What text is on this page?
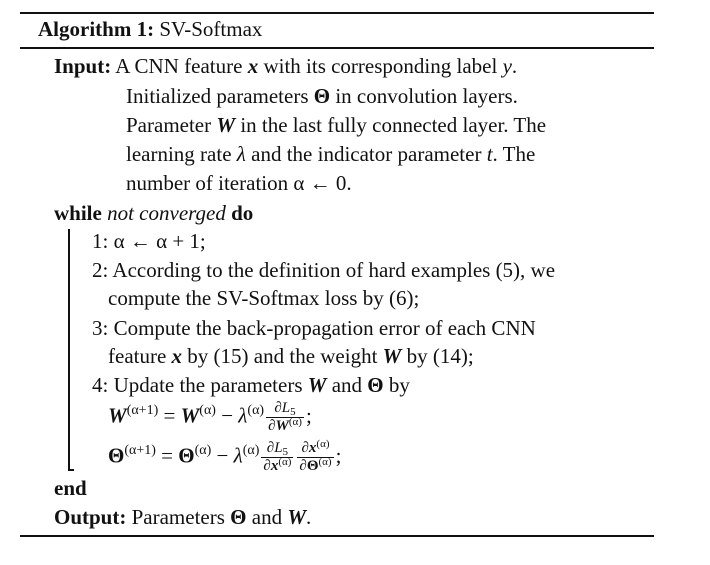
Algorithm 1: SV-Softmax
Input: A CNN feature x with its corresponding label y.
Initialized parameters Θ in convolution layers.
Parameter W in the last fully connected layer. The
learning rate λ and the indicator parameter t. The
number of iteration α ← 0.
while not converged do
1: α ← α + 1;
2: According to the definition of hard examples (5), we
compute the SV-Softmax loss by (6);
3: Compute the back-propagation error of each CNN
feature x by (15) and the weight W by (14);
4: Update the parameters W and Θ by
$W^{(\alpha+1)} = W^{(\alpha)} - \lambda^{(\alpha)} \frac{\partial L_5}{\partial W^{(\alpha)}}$ ;
$\Theta^{(\alpha+1)} = \Theta^{(\alpha)} - \lambda^{(\alpha)} \frac{\partial L_5}{\partial x^{(\alpha)}} \frac{\partial x^{(\alpha)}}{\partial\Theta^{(\alpha)}}$ ;
end
Output: Parameters Θ and W.
